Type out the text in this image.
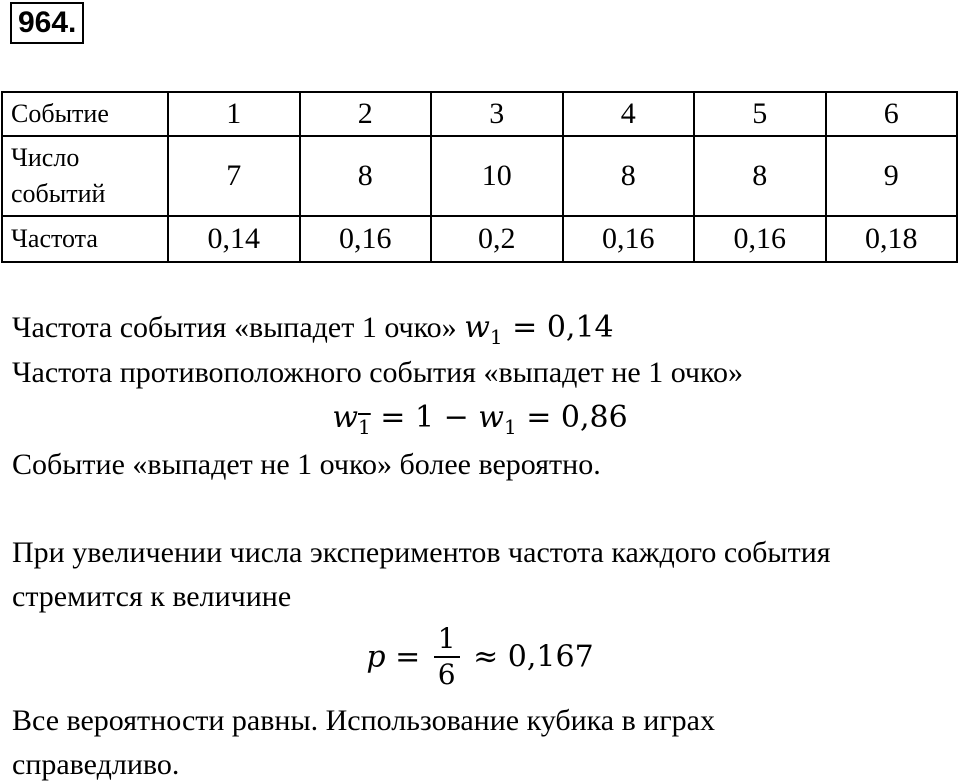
964.
Событие	1	2	3	4	5	6
Число
событий	7	8	10	8	8	9
Частота	0,14	0,16	0,2	0,16	0,16	0,18
Частота события «выпадет 1 очко» $w_1 = 0,14$
Частота противоположного события «выпадет не 1 очко»
$w_1 = 1 - w_1 = 0,86$
Событие «выпадет не 1 очко» более вероятно.
При увеличении числа экспериментов частота каждого события
стремится к величине
$p = \frac{1}{6} \approx 0,167$
Все вероятности равны. Использование кубика в играх
справедливо.
